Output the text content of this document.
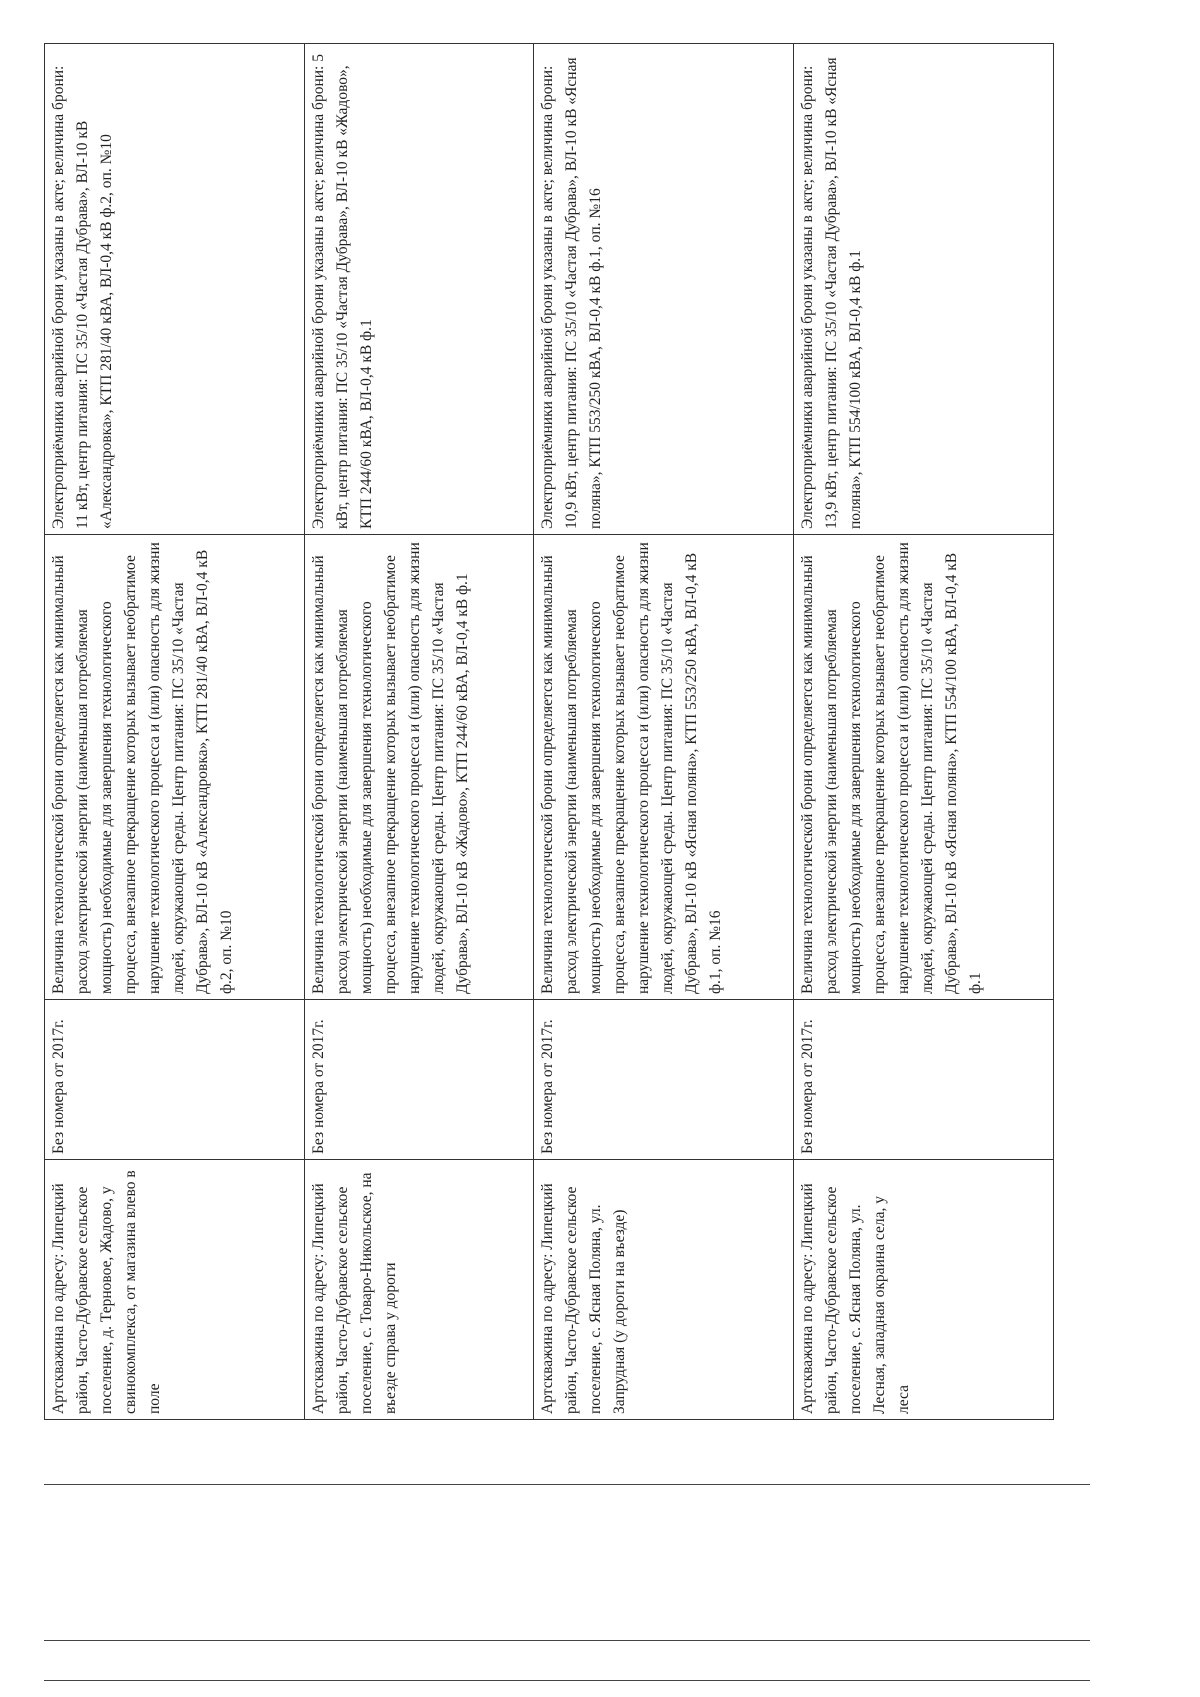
Артскважина по адресу: Липецкий район, Часто-Дубравское сельское поселение, д. Терновое, Жадово, у свинокомплекса, от магазина влево в поле	Без номера от 2017г.	Величина технологической брони определяется как минимальный расход электрической энергии (наименьшая потребляемая мощность) необходимые для завершения технологического процесса, внезапное прекращение которых вызывает необратимое нарушение технологического процесса и (или) опасность для жизни людей, окружающей среды. Центр питания: ПС 35/10 «Частая Дубрава», ВЛ-10 кВ «Александровка», КТП 281/40 кВА, ВЛ-0,4 кВ ф.2, оп. №10	Электроприёмники аварийной брони указаны в акте; величина брони: 11 кВт, центр питания: ПС 35/10 «Частая Дубрава», ВЛ-10 кВ «Александровка», КТП 281/40 кВА, ВЛ-0,4 кВ ф.2, оп. №10

Артскважина по адресу: Липецкий район, Часто-Дубравское сельское поселение, с. Товаро-Никольское, на въезде справа у дороги	Без номера от 2017г.	Величина технологической брони определяется как минимальный расход электрической энергии (наименьшая потребляемая мощность) необходимые для завершения технологического процесса, внезапное прекращение которых вызывает необратимое нарушение технологического процесса и (или) опасность для жизни людей, окружающей среды. Центр питания: ПС 35/10 «Частая Дубрава», ВЛ-10 кВ «Жадово», КТП 244/60 кВА, ВЛ-0,4 кВ ф.1	Электроприёмники аварийной брони указаны в акте; величина брони: 5 кВт, центр питания: ПС 35/10 «Частая Дубрава», ВЛ-10 кВ «Жадово», КТП 244/60 кВА, ВЛ-0,4 кВ ф.1

Артскважина по адресу: Липецкий район, Часто-Дубравское сельское поселение, с. Ясная Поляна, ул. Запрудная (у дороги на въезде)	Без номера от 2017г.	Величина технологической брони определяется как минимальный расход электрической энергии (наименьшая потребляемая мощность) необходимые для завершения технологического процесса, внезапное прекращение которых вызывает необратимое нарушение технологического процесса и (или) опасность для жизни людей, окружающей среды. Центр питания: ПС 35/10 «Частая Дубрава», ВЛ-10 кВ «Ясная поляна», КТП 553/250 кВА, ВЛ-0,4 кВ ф.1, оп. №16	Электроприёмники аварийной брони указаны в акте; величина брони: 10,9 кВт, центр питания: ПС 35/10 «Частая Дубрава», ВЛ-10 кВ «Ясная поляна», КТП 553/250 кВА, ВЛ-0,4 кВ ф.1, оп. №16

Артскважина по адресу: Липецкий район, Часто-Дубравское сельское поселение, с. Ясная Поляна, ул. Лесная, западная окраина села, у леса	Без номера от 2017г.	Величина технологической брони определяется как минимальный расход электрической энергии (наименьшая потребляемая мощность) необходимые для завершения технологического процесса, внезапное прекращение которых вызывает необратимое нарушение технологического процесса и (или) опасность для жизни людей, окружающей среды. Центр питания: ПС 35/10 «Частая Дубрава», ВЛ-10 кВ «Ясная поляна», КТП 554/100 кВА, ВЛ-0,4 кВ ф.1	Электроприёмники аварийной брони указаны в акте; величина брони: 13,9 кВт, центр питания: ПС 35/10 «Частая Дубрава», ВЛ-10 кВ «Ясная поляна», КТП 554/100 кВА, ВЛ-0,4 кВ ф.1
